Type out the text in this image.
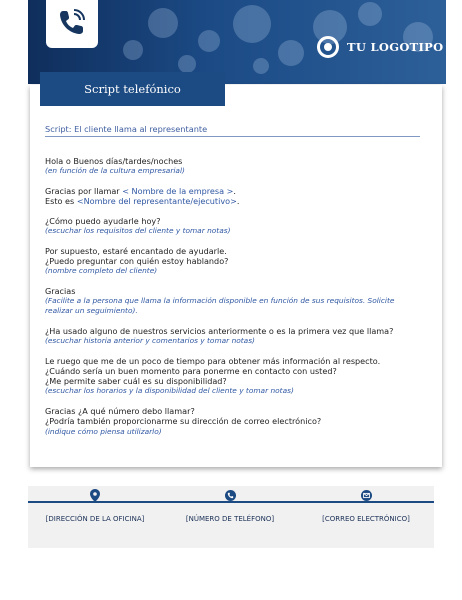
TU LOGOTIPO
Script telefónico
Script: El cliente llama al representante
Hola o Buenos días/tardes/noches
(en función de la cultura empresarial)
Gracias por llamar < Nombre de la empresa >.
Esto es <Nombre del representante/ejecutivo>.
¿Cómo puedo ayudarle hoy?
(escuchar los requisitos del cliente y tomar notas)
Por supuesto, estaré encantado de ayudarle.
¿Puedo preguntar con quién estoy hablando?
(nombre completo del cliente)
Gracias
(Facilite a la persona que llama la información disponible en función de sus requisitos. Solicite realizar un seguimiento).
¿Ha usado alguno de nuestros servicios anteriormente o es la primera vez que llama?
(escuchar historia anterior y comentarios y tomar notas)
Le ruego que me de un poco de tiempo para obtener más información al respecto.
¿Cuándo sería un buen momento para ponerme en contacto con usted?
¿Me permite saber cuál es su disponibilidad?
(escuchar los horarios y la disponibilidad del cliente y tomar notas)
Gracias ¿A qué número debo llamar?
¿Podría también proporcionarme su dirección de correo electrónico?
(indique cómo piensa utilizarlo)
[DIRECCIÓN DE LA OFICINA]	[NÚMERO DE TELÉFONO]	[CORREO ELECTRÓNICO]
